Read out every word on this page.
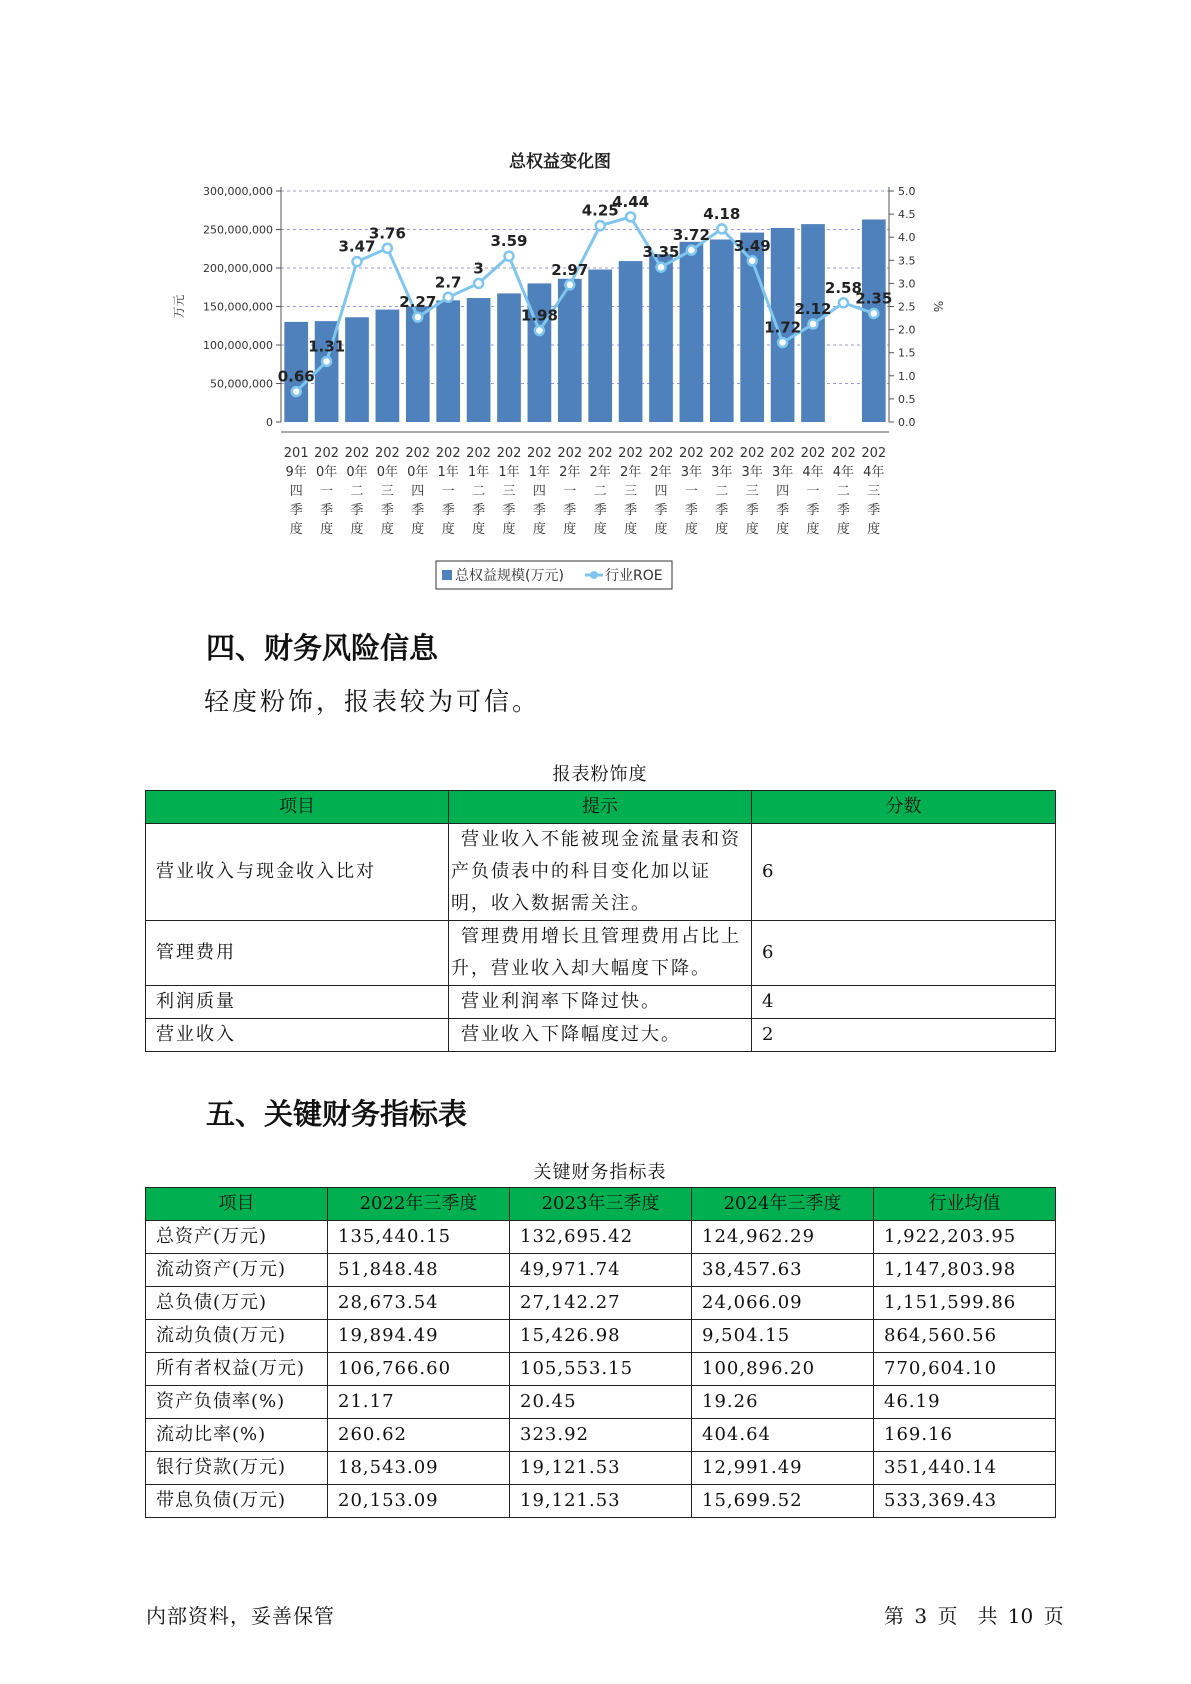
总权益变化图
300,000,000
250,000,000
200,000,000
150,000,000
100,000,000
50,000,000
0
5.0
4.5
4.0
3.5
3.0
2.5
2.0
1.5
1.0
0.5
0.0
万元	%
0.66
1.31
3.47
3.76
2.27
2.7
3
3.59
1.98
2.97
4.25
4.44
3.35
3.72
4.18
3.49
1.72
2.12
2.58
2.35
201
9年
四
季
度
202
0年
一
季
度
202
0年
二
季
度
202
0年
三
季
度
202
0年
四
季
度
202
1年
一
季
度
202
1年
二
季
度
202
1年
三
季
度
202
1年
四
季
度
202
2年
一
季
度
202
2年
二
季
度
202
2年
三
季
度
202
2年
四
季
度
202
3年
一
季
度
202
3年
二
季
度
202
3年
三
季
度
202
3年
四
季
度
202
4年
一
季
度
202
4年
二
季
度
202
4年
三
季
度
总权益规模(万元)	行业ROE
四、财务风险信息

轻度粉饰，报表较为可信。

报表粉饰度
项目	提示	分数
营业收入与现金收入比对	营业收入不能被现金流量表和资产负债表中的科目变化加以证明，收入数据需关注。	6
管理费用	管理费用增长且管理费用占比上升，营业收入却大幅度下降。	6
利润质量	营业利润率下降过快。	4
营业收入	营业收入下降幅度过大。	2
五、关键财务指标表
关键财务指标表
项目	2022年三季度	2023年三季度	2024年三季度	行业均值
总资产(万元)	135,440.15	132,695.42	124,962.29	1,922,203.95
流动资产(万元)	51,848.48	49,971.74	38,457.63	1,147,803.98
总负债(万元)	28,673.54	27,142.27	24,066.09	1,151,599.86
流动负债(万元)	19,894.49	15,426.98	9,504.15	864,560.56
所有者权益(万元)	106,766.60	105,553.15	100,896.20	770,604.10
资产负债率(%)	21.17	20.45	19.26	46.19
流动比率(%)	260.62	323.92	404.64	169.16
银行贷款(万元)	18,543.09	19,121.53	12,991.49	351,440.14
带息负债(万元)	20,153.09	19,121.53	15,699.52	533,369.43
内部资料，妥善保管	第 3 页　共 10 页
